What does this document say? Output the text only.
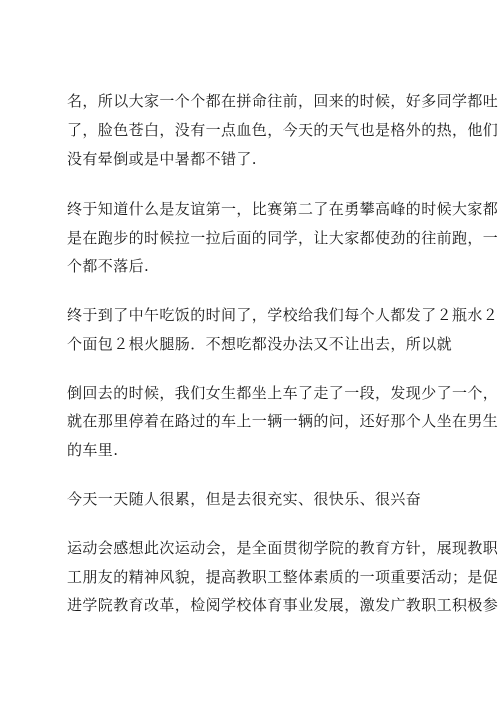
名，所以大家一个个都在拼命往前，回来的时候，好多同学都吐
了，脸色苍白，没有一点血色，今天的天气也是格外的热，他们
没有晕倒或是中暑都不错了.
终于知道什么是友谊第一，比赛第二了在勇攀高峰的时候大家都
是在跑步的时候拉一拉后面的同学，让大家都使劲的往前跑，一
个都不落后.
终于到了中午吃饭的时间了，学校给我们每个人都发了２瓶水２
个面包２根火腿肠．不想吃都没办法又不让出去，所以就
倒回去的时候，我们女生都坐上车了走了一段，发现少了一个，
就在那里停着在路过的车上一辆一辆的问，还好那个人坐在男生
的车里.
今天一天随人很累，但是去很充实、很快乐、很兴奋
运动会感想此次运动会，是全面贯彻学院的教育方针，展现教职
工朋友的精神风貌，提高教职工整体素质的一项重要活动；是促
进学院教育改革，检阅学校体育事业发展，激发广教职工积极参
